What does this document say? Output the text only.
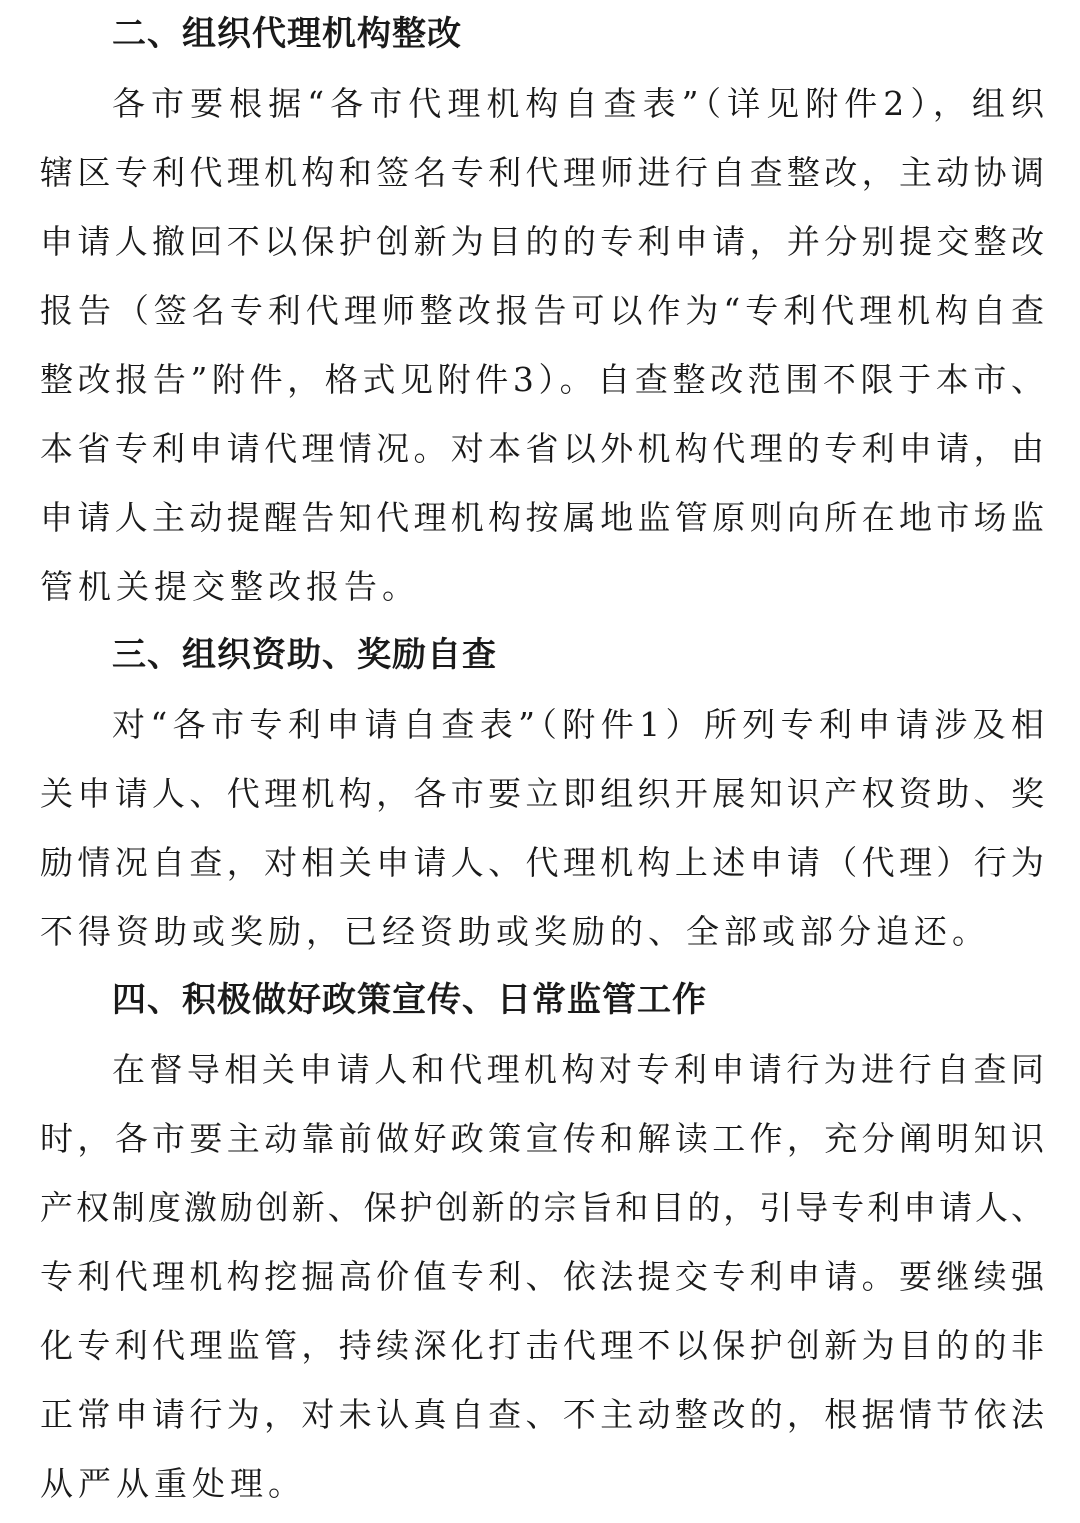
二、组织代理机构整改

各市要根据“各市代理机构自查表”（详见附件2），组织
辖区专利代理机构和签名专利代理师进行自查整改，主动协调
申请人撤回不以保护创新为目的的专利申请，并分别提交整改
报告（签名专利代理师整改报告可以作为“专利代理机构自查
整改报告”附件，格式见附件3）。自查整改范围不限于本市、
本省专利申请代理情况。对本省以外机构代理的专利申请，由
申请人主动提醒告知代理机构按属地监管原则向所在地市场监
管机关提交整改报告。

三、组织资助、奖励自查

对“各市专利申请自查表”（附件1）所列专利申请涉及相
关申请人、代理机构，各市要立即组织开展知识产权资助、奖
励情况自查，对相关申请人、代理机构上述申请（代理）行为
不得资助或奖励，已经资助或奖励的、全部或部分追还。

四、积极做好政策宣传、日常监管工作

在督导相关申请人和代理机构对专利申请行为进行自查同
时，各市要主动靠前做好政策宣传和解读工作，充分阐明知识
产权制度激励创新、保护创新的宗旨和目的，引导专利申请人、
专利代理机构挖掘高价值专利、依法提交专利申请。要继续强
化专利代理监管，持续深化打击代理不以保护创新为目的的非
正常申请行为，对未认真自查、不主动整改的，根据情节依法
从严从重处理。
